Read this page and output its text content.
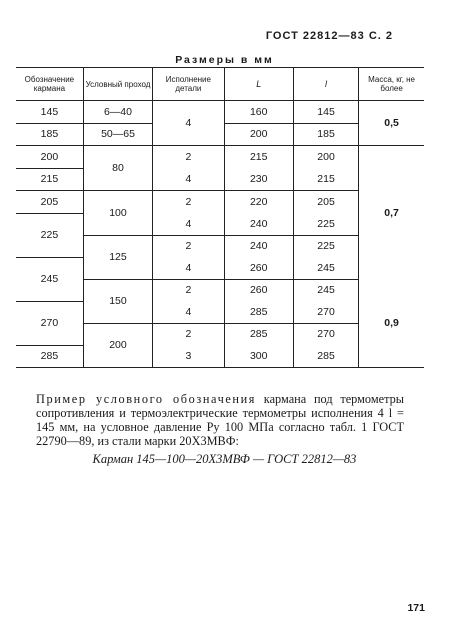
ГОСТ 22812—83 С. 2
Размеры в мм
Обозначение кармана	Условный проход	Исполнение детали	L	l	Масса, кг, не более
145	6—40	4	160	145	0,5
185	50—65		200	185	
200	80	2	215	200	0,7
215		4	230	215	
205	100	2	220	205	
225		4	240	225	
	125	2	240	225	
245		4	260	245	
	150	2	260	245	0,9
270		4	285	270	
	200	2	285	270	
285		3	300	285	
Пример условного обозначения кармана под термометры сопротивления и термоэлектрические термометры исполнения 4 l = 145 мм, на условное давление Py 100 МПа согласно табл. 1 ГОСТ 22790—89, из стали марки 20Х3МВФ:
Карман 145—100—20Х3МВФ — ГОСТ 22812—83
171
